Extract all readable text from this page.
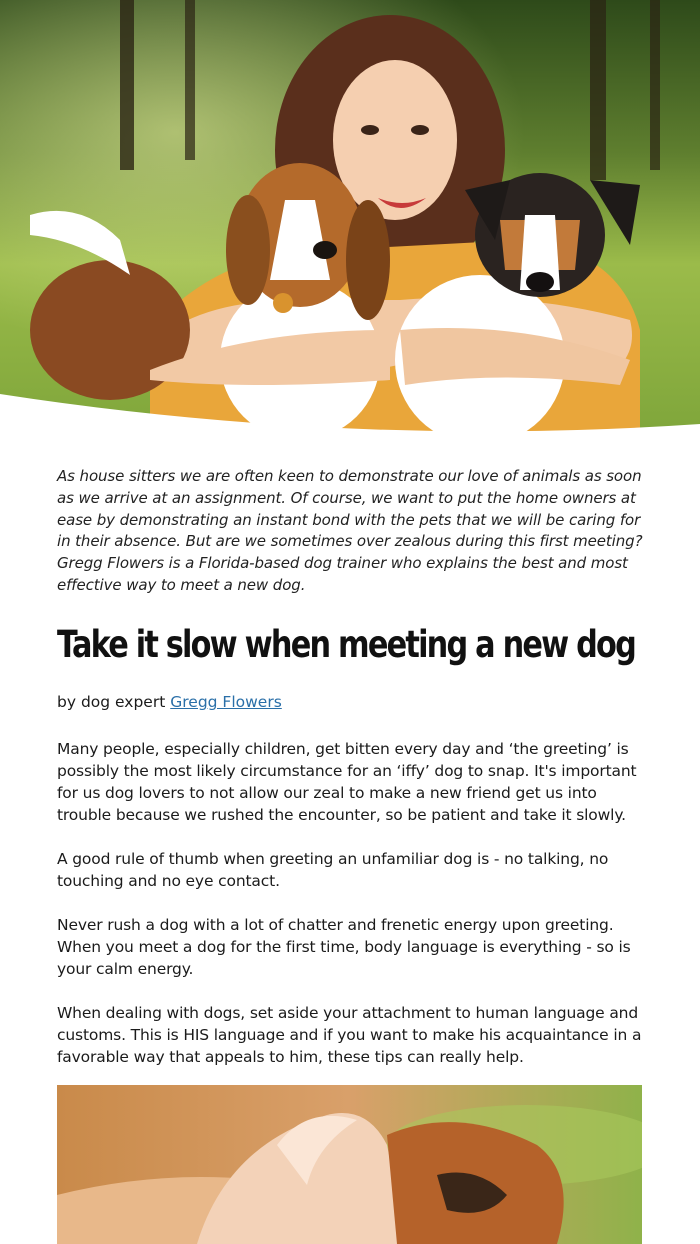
As house sitters we are often keen to demonstrate our love of animals as soon as we arrive at an assignment. Of course, we want to put the home owners at ease by demonstrating an instant bond with the pets that we will be caring for in their absence. But are we sometimes over zealous during this first meeting? Gregg Flowers is a Florida-based dog trainer who explains the best and most effective way to meet a new dog.

Take it slow when meeting a new dog

by dog expert Gregg Flowers

Many people, especially children, get bitten every day and ‘the greeting’ is possibly the most likely circumstance for an ‘iffy’ dog to snap. It's important for us dog lovers to not allow our zeal to make a new friend get us into trouble because we rushed the encounter, so be patient and take it slowly.

A good rule of thumb when greeting an unfamiliar dog is - no talking, no touching and no eye contact.

Never rush a dog with a lot of chatter and frenetic energy upon greeting. When you meet a dog for the first time, body language is everything - so is your calm energy.

When dealing with dogs, set aside your attachment to human language and customs. This is HIS language and if you want to make his acquaintance in a favorable way that appeals to him, these tips can really help.
